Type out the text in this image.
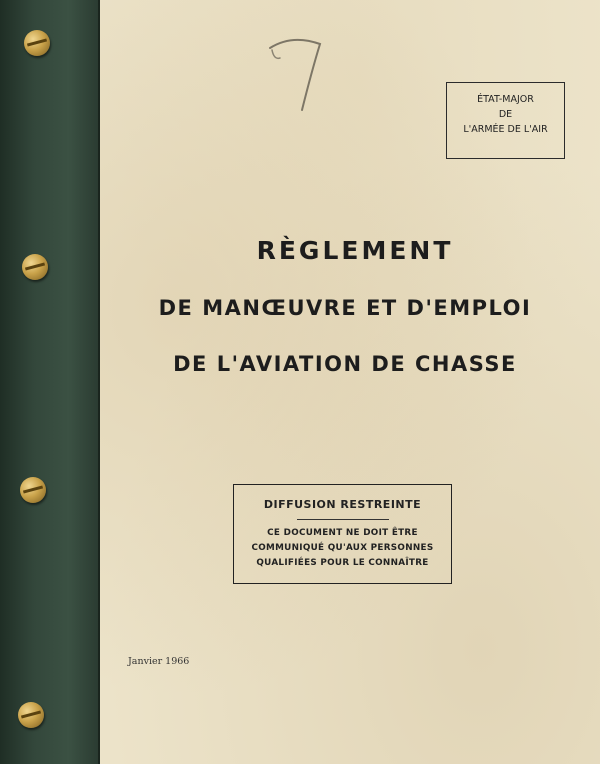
ÉTAT-MAJOR
DE
L'ARMÉE DE L'AIR
RÈGLEMENT
DE MANŒUVRE ET D'EMPLOI
DE L'AVIATION DE CHASSE
DIFFUSION RESTREINTE
CE DOCUMENT NE DOIT ÊTRE
COMMUNIQUÉ QU'AUX PERSONNES
QUALIFIÉES POUR LE CONNAÎTRE
Janvier 1966
